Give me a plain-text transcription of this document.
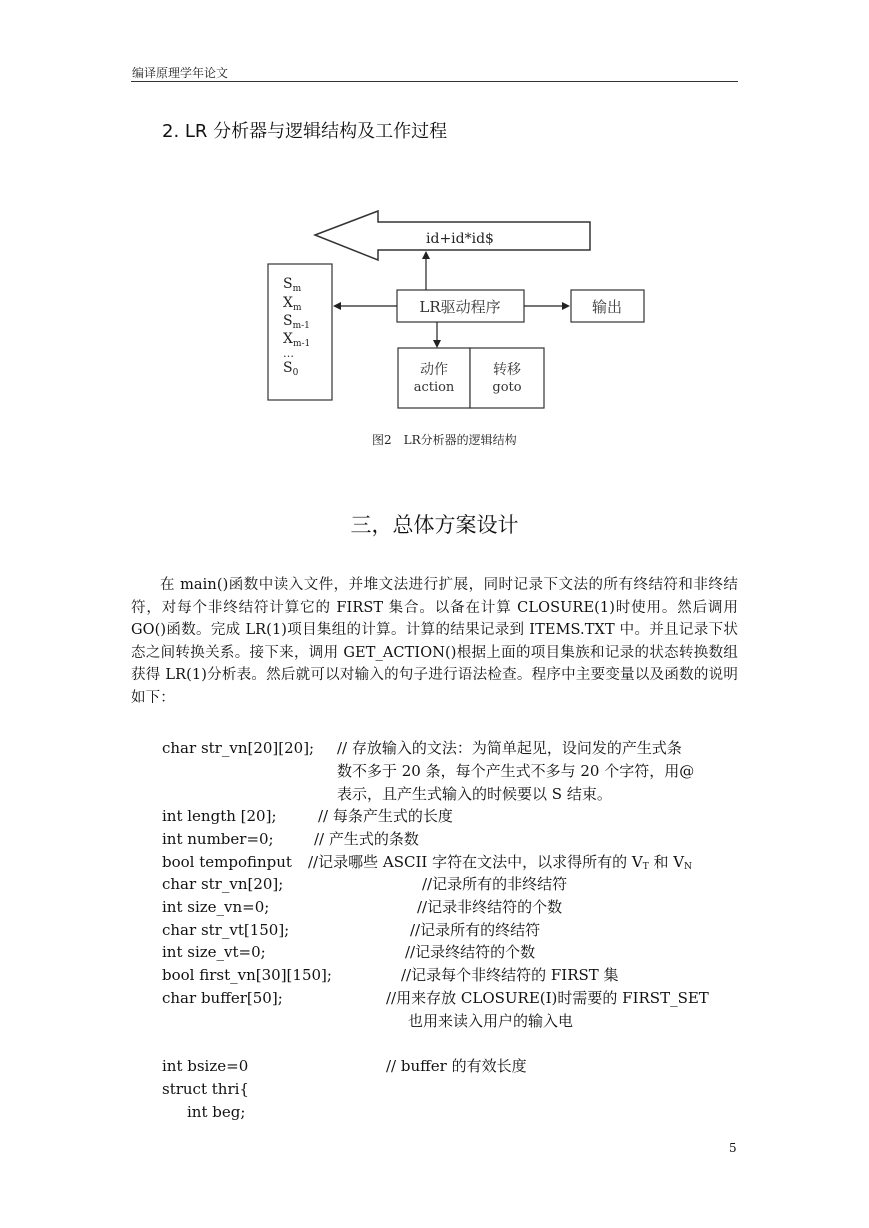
编译原理学年论文
2. LR 分析器与逻辑结构及工作过程
id+id*id$
$S_m$
$X_m$
$S_{m-1}$
$X_{m-1}$
…
$S_0$
LR驱动程序	输出
动作
action
转移
goto
图2　LR分析器的逻辑结构
三，总体方案设计
在 main()函数中读入文件，并堆文法进行扩展，同时记录下文法的所有终结符和非终结符，对每个非终结符计算它的 FIRST 集合。以备在计算 CLOSURE(1)时使用。然后调用 GO()函数。完成 LR(1)项目集组的计算。计算的结果记录到 ITEMS.TXT 中。并且记录下状态之间转换关系。接下来，调用 GET_ACTION()根据上面的项目集族和记录的状态转换数组获得 LR(1)分析表。然后就可以对输入的句子进行语法检查。程序中主要变量以及函数的说明如下：
char str_vn[20][20]; // 存放输入的文法：为简单起见，设问发的产生式条
数不多于 20 条，每个产生式不多与 20 个字符，用@
表示，且产生式输入的时候要以 S 结束。
int length [20];	// 每条产生式的长度
int number=0;	// 产生式的条数
bool tempofinput //记录哪些 ASCII 字符在文法中，以求得所有的 $V_T$ 和 $V_N$
char str_vn[20];	//记录所有的非终结符
int size_vn=0;	//记录非终结符的个数
char str_vt[150];	//记录所有的终结符
int size_vt=0;	//记录终结符的个数
bool first_vn[30][150];	//记录每个非终结符的 FIRST 集
char buffer[50];	//用来存放 CLOSURE(I)时需要的 FIRST_SET
也用来读入用户的输入电
int bsize=0	// buffer 的有效长度
struct thri{
int beg;
5
